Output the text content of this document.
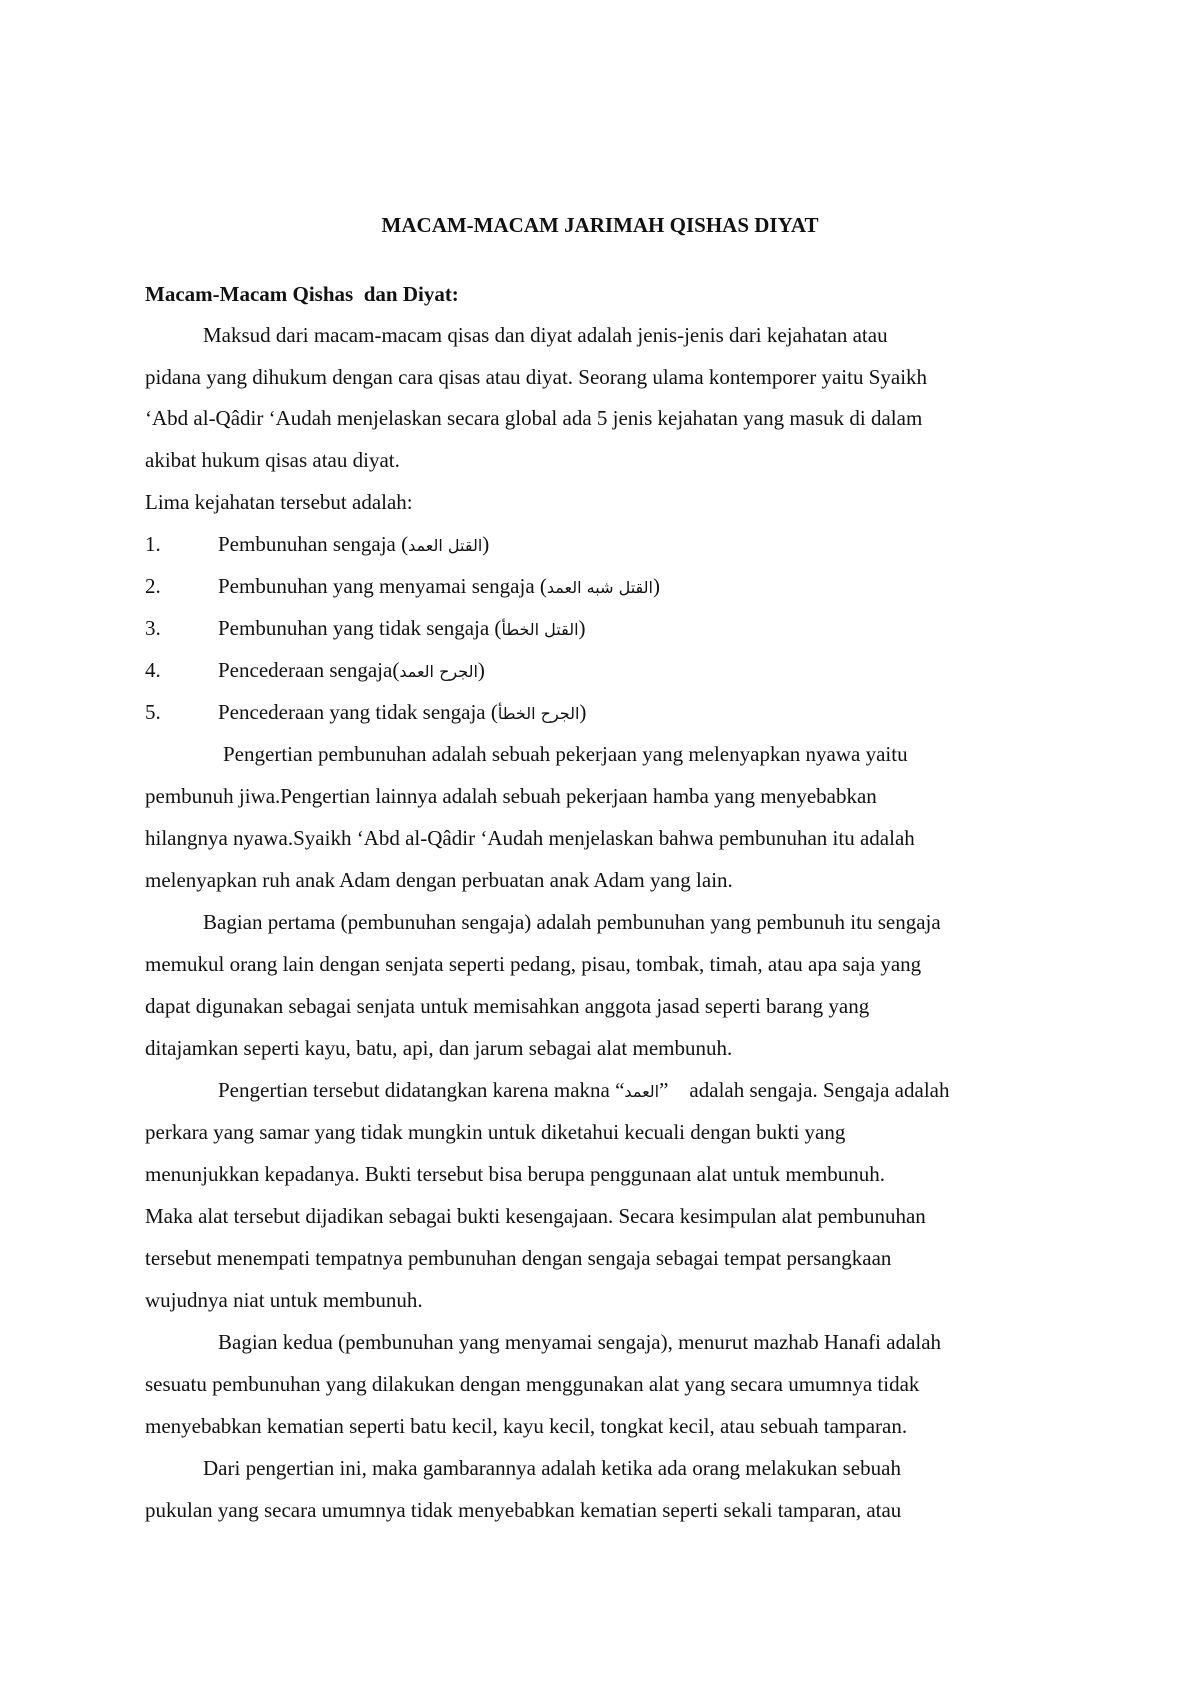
MACAM-MACAM JARIMAH QISHAS DIYAT
Macam-Macam Qishas  dan Diyat:
Maksud dari macam-macam qisas dan diyat adalah jenis-jenis dari kejahatan atau
pidana yang dihukum dengan cara qisas atau diyat. Seorang ulama kontemporer yaitu Syaikh
‘Abd al-Qâdir ‘Audah menjelaskan secara global ada 5 jenis kejahatan yang masuk di dalam
akibat hukum qisas atau diyat.
Lima kejahatan tersebut adalah:
1.	Pembunuhan sengaja (القتل العمد)
2.	Pembunuhan yang menyamai sengaja (القتل شبه العمد)
3.	Pembunuhan yang tidak sengaja (القتل الخطأ)
4.	Pencederaan sengaja(الجرح العمد)
5.	Pencederaan yang tidak sengaja (الجرح الخطأ)
Pengertian pembunuhan adalah sebuah pekerjaan yang melenyapkan nyawa yaitu
pembunuh jiwa.Pengertian lainnya adalah sebuah pekerjaan hamba yang menyebabkan
hilangnya nyawa.Syaikh ‘Abd al-Qâdir ‘Audah menjelaskan bahwa pembunuhan itu adalah
melenyapkan ruh anak Adam dengan perbuatan anak Adam yang lain.
Bagian pertama (pembunuhan sengaja) adalah pembunuhan yang pembunuh itu sengaja
memukul orang lain dengan senjata seperti pedang, pisau, tombak, timah, atau apa saja yang
dapat digunakan sebagai senjata untuk memisahkan anggota jasad seperti barang yang
ditajamkan seperti kayu, batu, api, dan jarum sebagai alat membunuh.
Pengertian tersebut didatangkan karena makna “العمد”    adalah sengaja. Sengaja adalah
perkara yang samar yang tidak mungkin untuk diketahui kecuali dengan bukti yang
menunjukkan kepadanya. Bukti tersebut bisa berupa penggunaan alat untuk membunuh.
Maka alat tersebut dijadikan sebagai bukti kesengajaan. Secara kesimpulan alat pembunuhan
tersebut menempati tempatnya pembunuhan dengan sengaja sebagai tempat persangkaan
wujudnya niat untuk membunuh.
Bagian kedua (pembunuhan yang menyamai sengaja), menurut mazhab Hanafi adalah
sesuatu pembunuhan yang dilakukan dengan menggunakan alat yang secara umumnya tidak
menyebabkan kematian seperti batu kecil, kayu kecil, tongkat kecil, atau sebuah tamparan.
Dari pengertian ini, maka gambarannya adalah ketika ada orang melakukan sebuah
pukulan yang secara umumnya tidak menyebabkan kematian seperti sekali tamparan, atau
